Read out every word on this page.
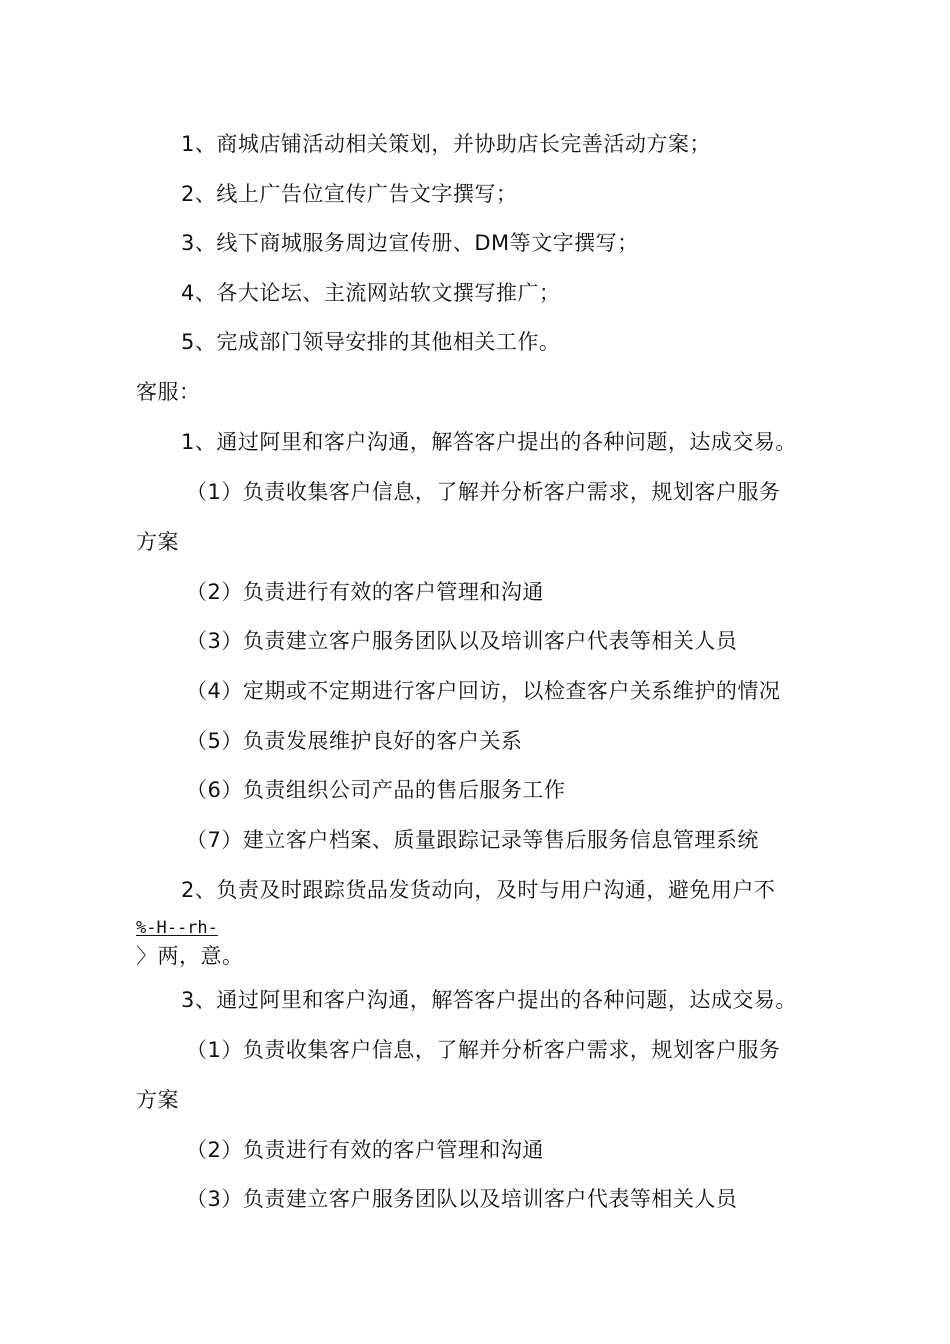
1、商城店铺活动相关策划，并协助店长完善活动方案；
2、线上广告位宣传广告文字撰写；
3、线下商城服务周边宣传册、DM等文字撰写；
4、各大论坛、主流网站软文撰写推广；
5、完成部门领导安排的其他相关工作。
客服：
1、通过阿里和客户沟通，解答客户提出的各种问题，达成交易。
（1）负责收集客户信息，了解并分析客户需求，规划客户服务
方案
（2）负责进行有效的客户管理和沟通
（3）负责建立客户服务团队以及培训客户代表等相关人员
（4）定期或不定期进行客户回访，以检查客户关系维护的情况
（5）负责发展维护良好的客户关系
（6）负责组织公司产品的售后服务工作
（7）建立客户档案、质量跟踪记录等售后服务信息管理系统
2、负责及时跟踪货品发货动向，及时与用户沟通，避免用户不
%-H--rh-
〉两，意。
3、通过阿里和客户沟通，解答客户提出的各种问题，达成交易。
（1）负责收集客户信息，了解并分析客户需求，规划客户服务
方案
（2）负责进行有效的客户管理和沟通
（3）负责建立客户服务团队以及培训客户代表等相关人员
